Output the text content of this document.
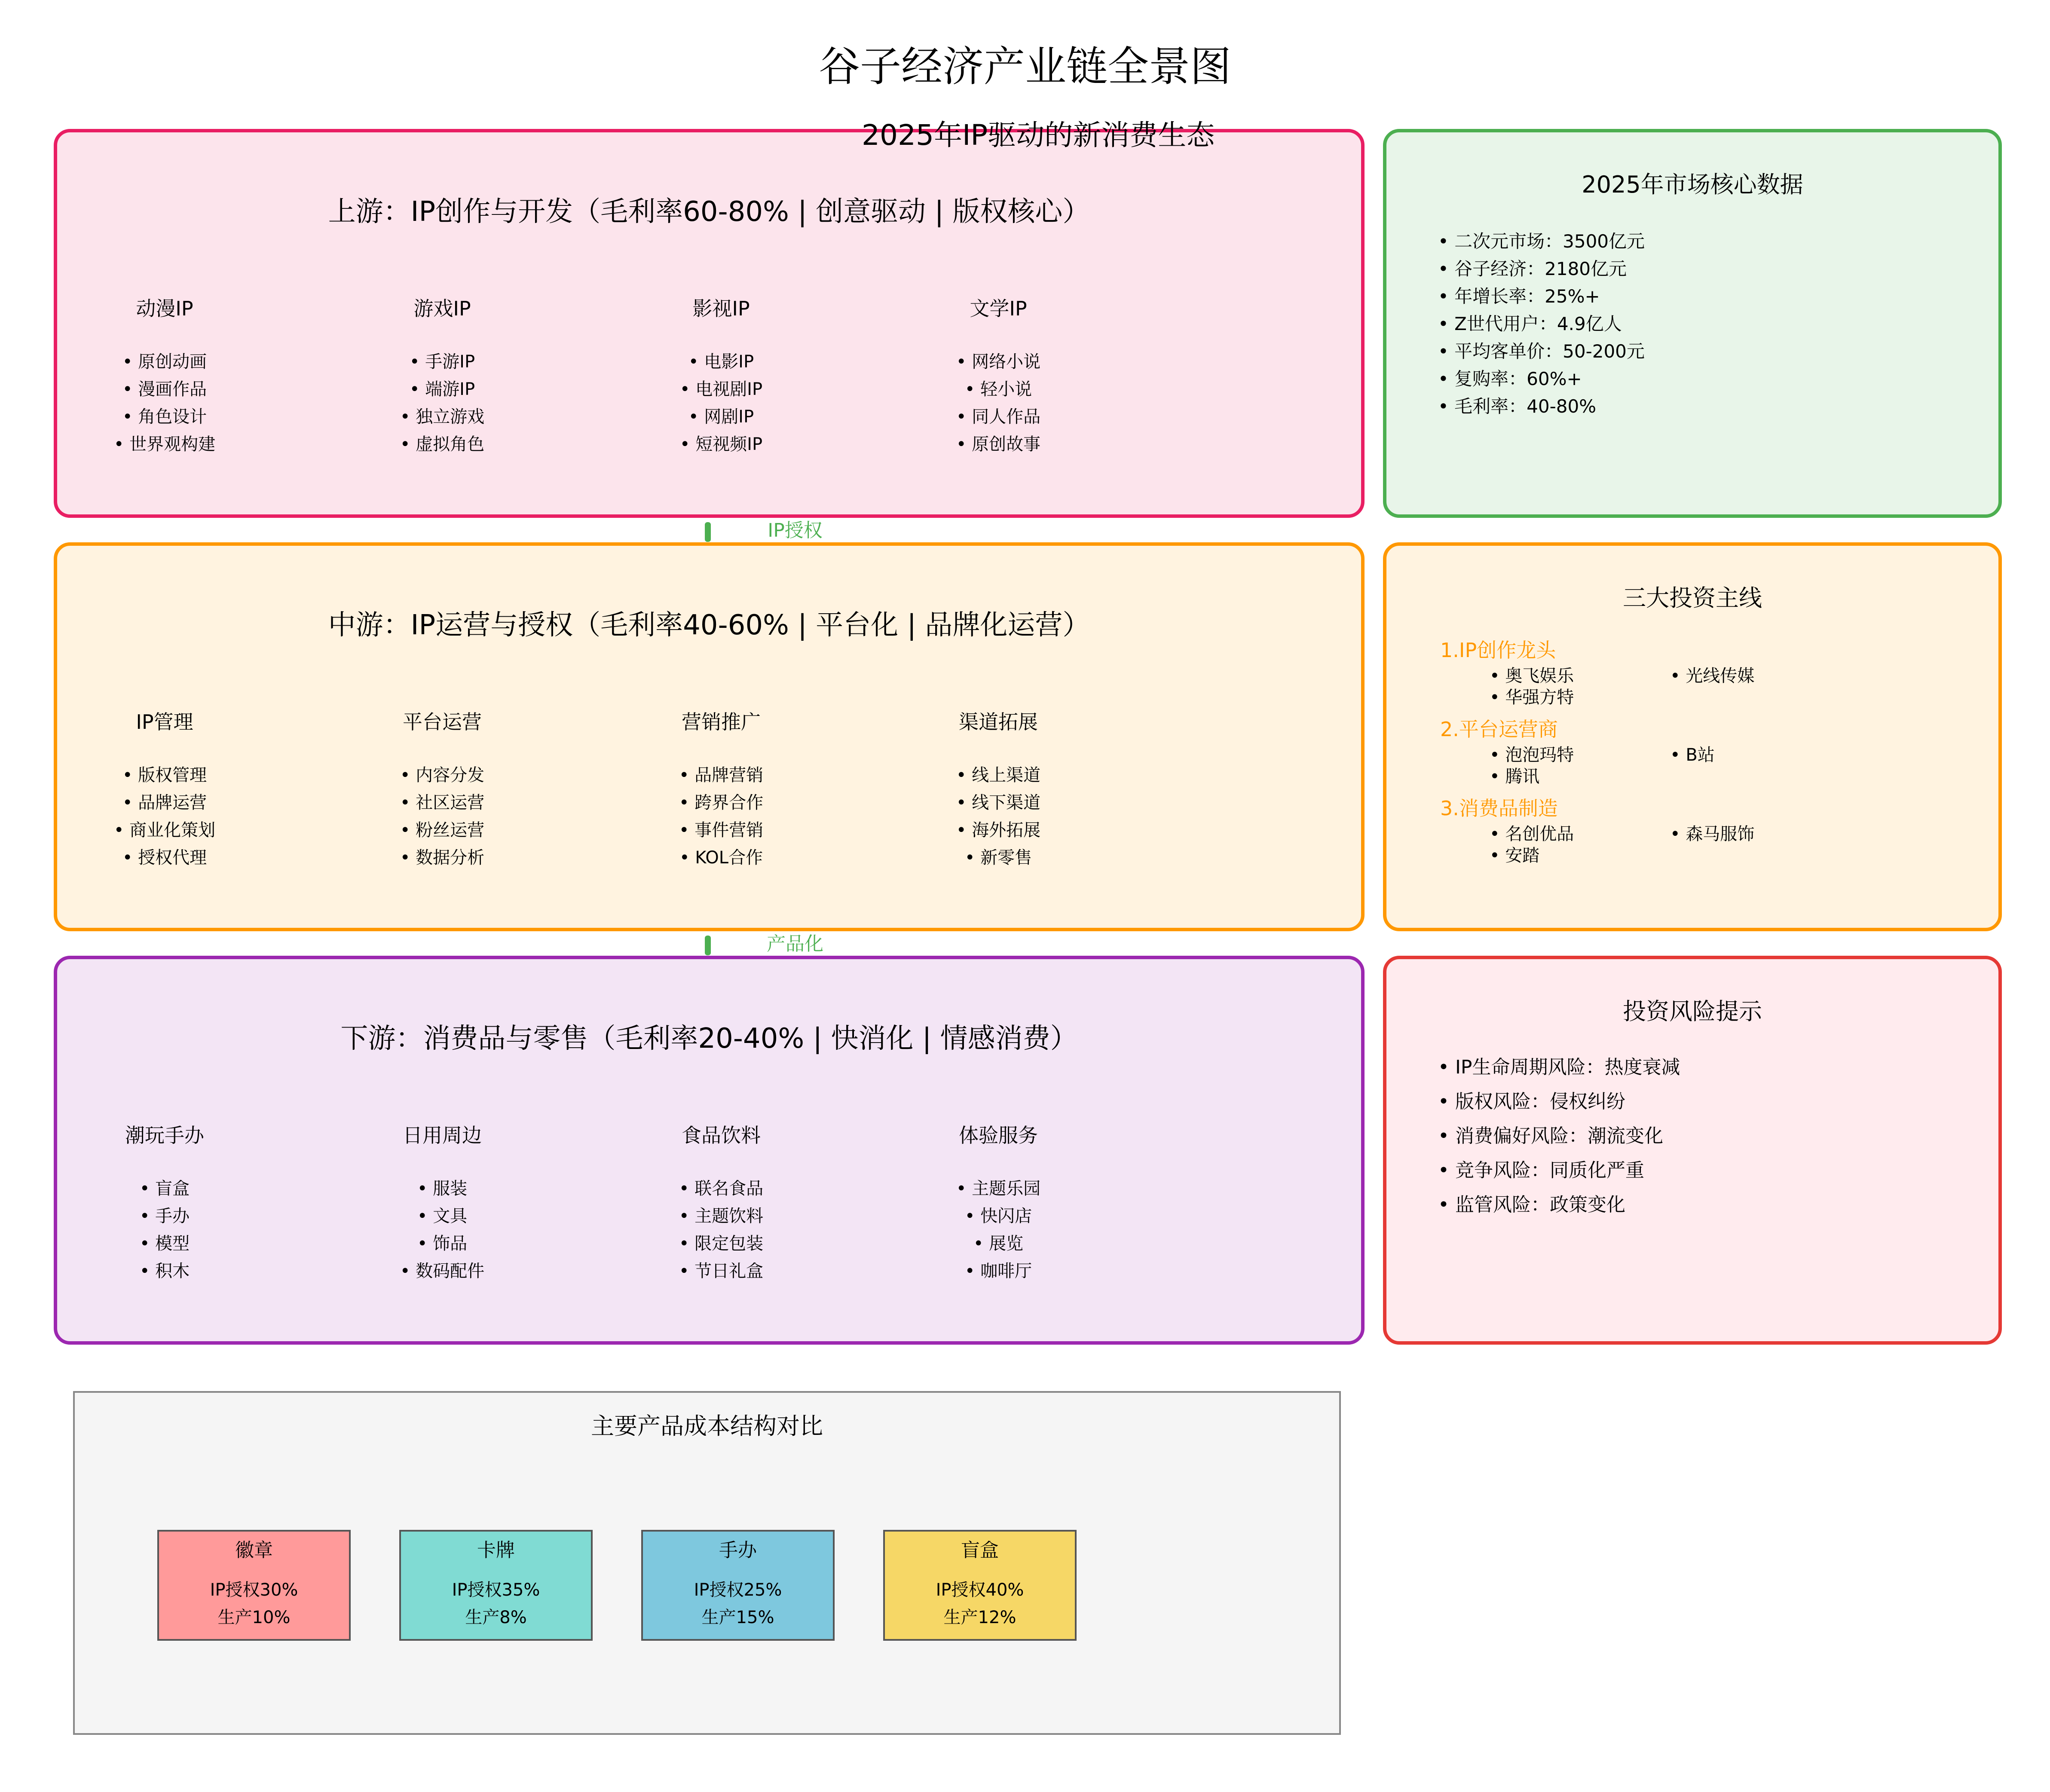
谷子经济产业链全景图
上游：IP创作与开发（毛利率60-80% | 创意驱动 | 版权核心）
动漫IP
• 原创动画
• 漫画作品
• 角色设计
• 世界观构建
游戏IP
• 手游IP
• 端游IP
• 独立游戏
• 虚拟角色
影视IP
• 电影IP
• 电视剧IP
• 网剧IP
• 短视频IP
文学IP
• 网络小说
• 轻小说
• 同人作品
• 原创故事
2025年IP驱动的新消费生态
IP授权
中游：IP运营与授权（毛利率40-60% | 平台化 | 品牌化运营）
IP管理
• 版权管理
• 品牌运营
• 商业化策划
• 授权代理
平台运营
• 内容分发
• 社区运营
• 粉丝运营
• 数据分析
营销推广
• 品牌营销
• 跨界合作
• 事件营销
• KOL合作
渠道拓展
• 线上渠道
• 线下渠道
• 海外拓展
• 新零售
产品化
下游：消费品与零售（毛利率20-40% | 快消化 | 情感消费）
潮玩手办
• 盲盒
• 手办
• 模型
• 积木
日用周边
• 服装
• 文具
• 饰品
• 数码配件
食品饮料
• 联名食品
• 主题饮料
• 限定包装
• 节日礼盒
体验服务
• 主题乐园
• 快闪店
• 展览
• 咖啡厅
2025年市场核心数据
• 二次元市场：3500亿元
• 谷子经济：2180亿元
• 年增长率：25%+
• Z世代用户：4.9亿人
• 平均客单价：50-200元
• 复购率：60%+
• 毛利率：40-80%
三大投资主线
1.IP创作龙头
• 奥飞娱乐
• 华强方特
• 光线传媒
2.平台运营商
• 泡泡玛特
• 腾讯
• B站
3.消费品制造
• 名创优品
• 安踏
• 森马服饰
投资风险提示
• IP生命周期风险：热度衰减
• 版权风险：侵权纠纷
• 消费偏好风险：潮流变化
• 竞争风险：同质化严重
• 监管风险：政策变化
主要产品成本结构对比
徽章
IP授权30%
生产10%
卡牌
IP授权35%
生产8%
手办
IP授权25%
生产15%
盲盒
IP授权40%
生产12%
